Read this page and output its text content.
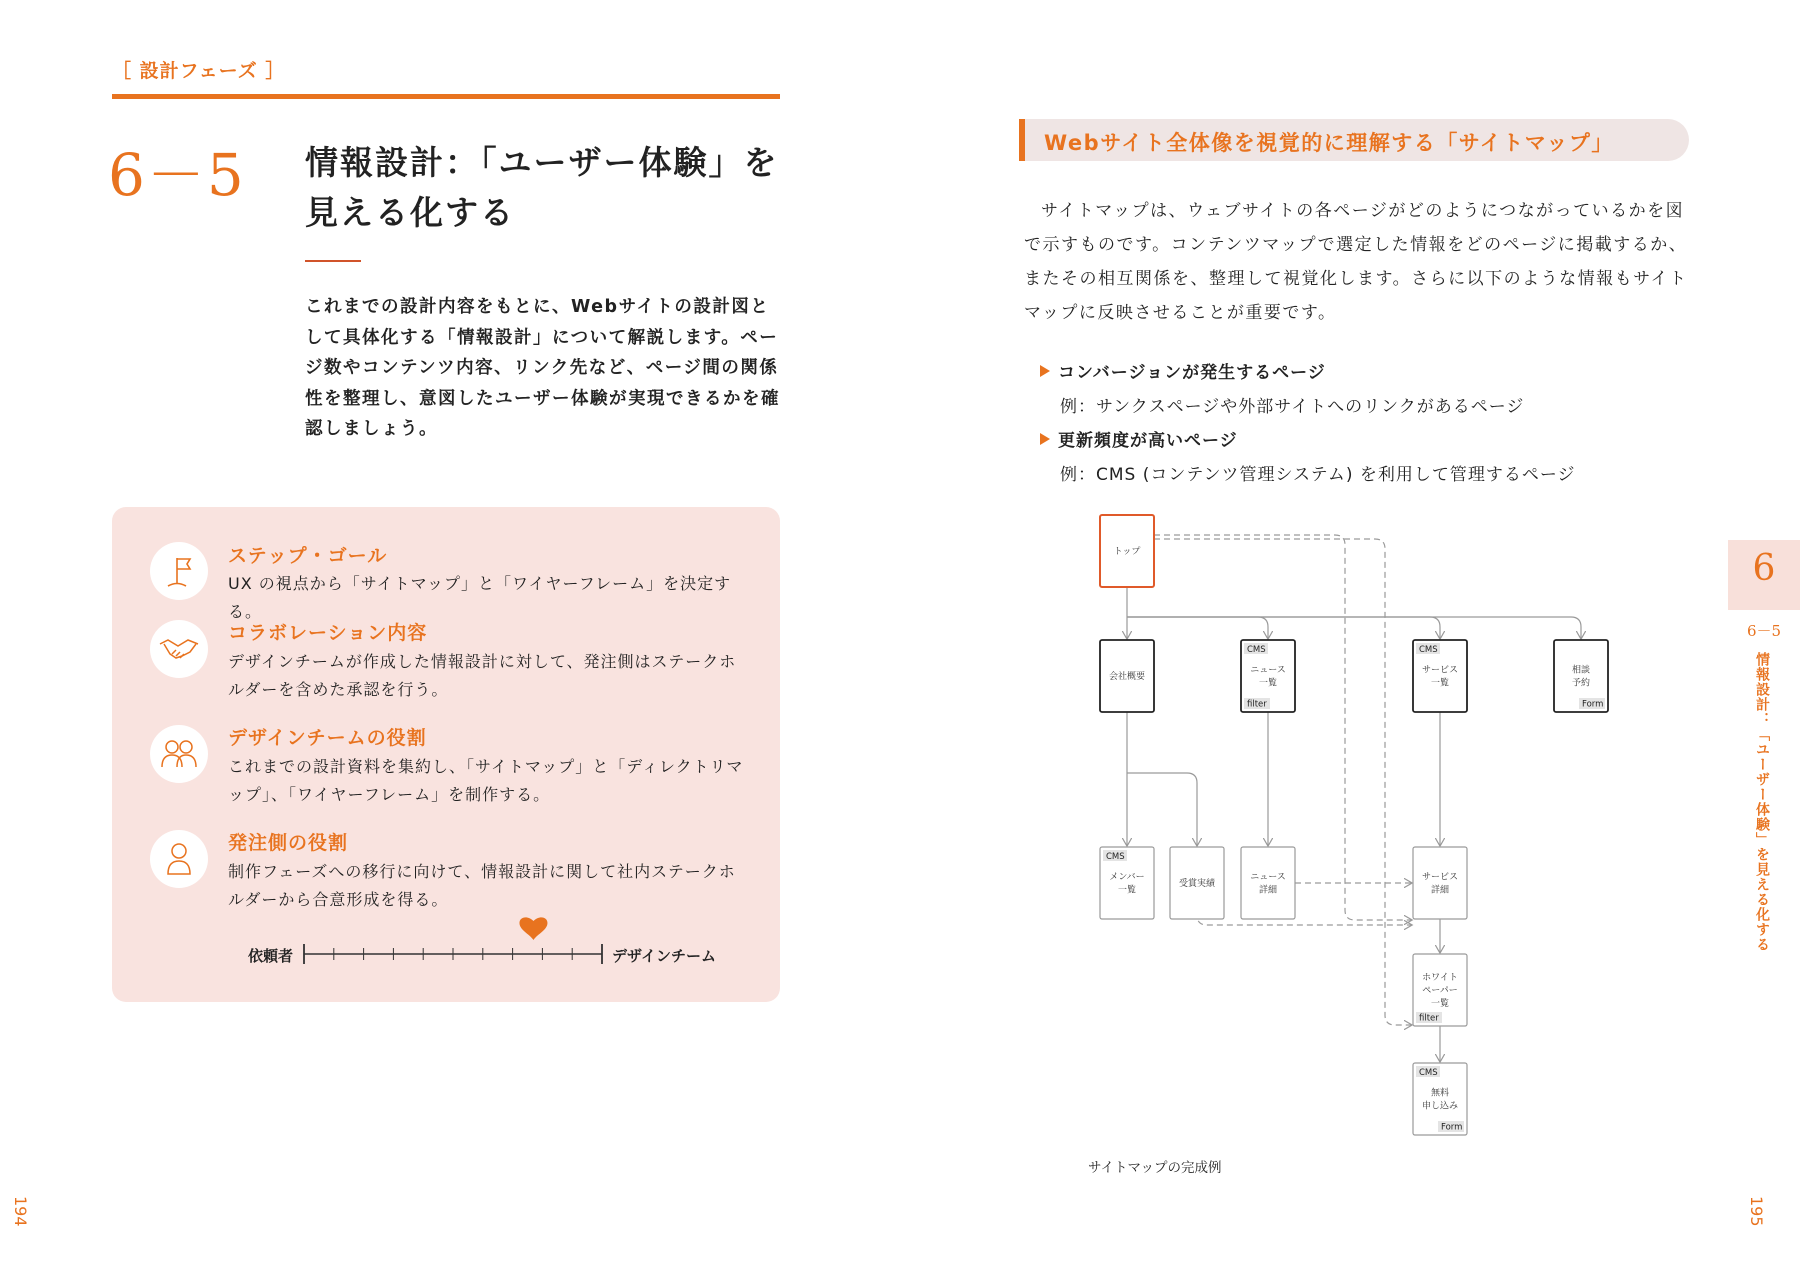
［ 設計フェーズ ］
6－5 情報設計：「ユーザー体験」を
見える化する
これまでの設計内容をもとに、Webサイトの設計図として具体化する「情報設計」について解説します。ページ数やコンテンツ内容、リンク先など、ページ間の関係性を整理し、意図したユーザー体験が実現できるかを確認しましょう。
ステップ・ゴール
UX の視点から「サイトマップ」と「ワイヤーフレーム」を決定する。
コラボレーション内容
デザインチームが作成した情報設計に対して、発注側はステークホルダーを含めた承認を行う。
デザインチームの役割
これまでの設計資料を集約し、「サイトマップ」と「ディレクトリマップ」、「ワイヤーフレーム」を制作する。
発注側の役割
制作フェーズへの移行に向けて、情報設計に関して社内ステークホルダーから合意形成を得る。
依頼者	デザインチーム
194
Webサイト全体像を視覚的に理解する「サイトマップ」
サイトマップは、ウェブサイトの各ページがどのようにつながっているかを図で示すものです。コンテンツマップで選定した情報をどのページに掲載するか、またその相互関係を、整理して視覚化します。さらに以下のような情報もサイトマップに反映させることが重要です。
コンバージョンが発生するページ
例：サンクスページや外部サイトへのリンクがあるページ
更新頻度が高いページ
例：CMS (コンテンツ管理システム) を利用して管理するページ
トップ
会社概要
CMS
filter
ニュース
一覧
CMS
サービス
一覧
Form
相談
予約
CMS
メンバー
一覧
受賞実績
ニュース
詳細
サービス
詳細
filter
ホワイト
ペーパー
一覧
CMS
Form
無料
申し込み
サイトマップの完成例
6
6－5
情報設計：「ユーザー体験」を見える化する
195
